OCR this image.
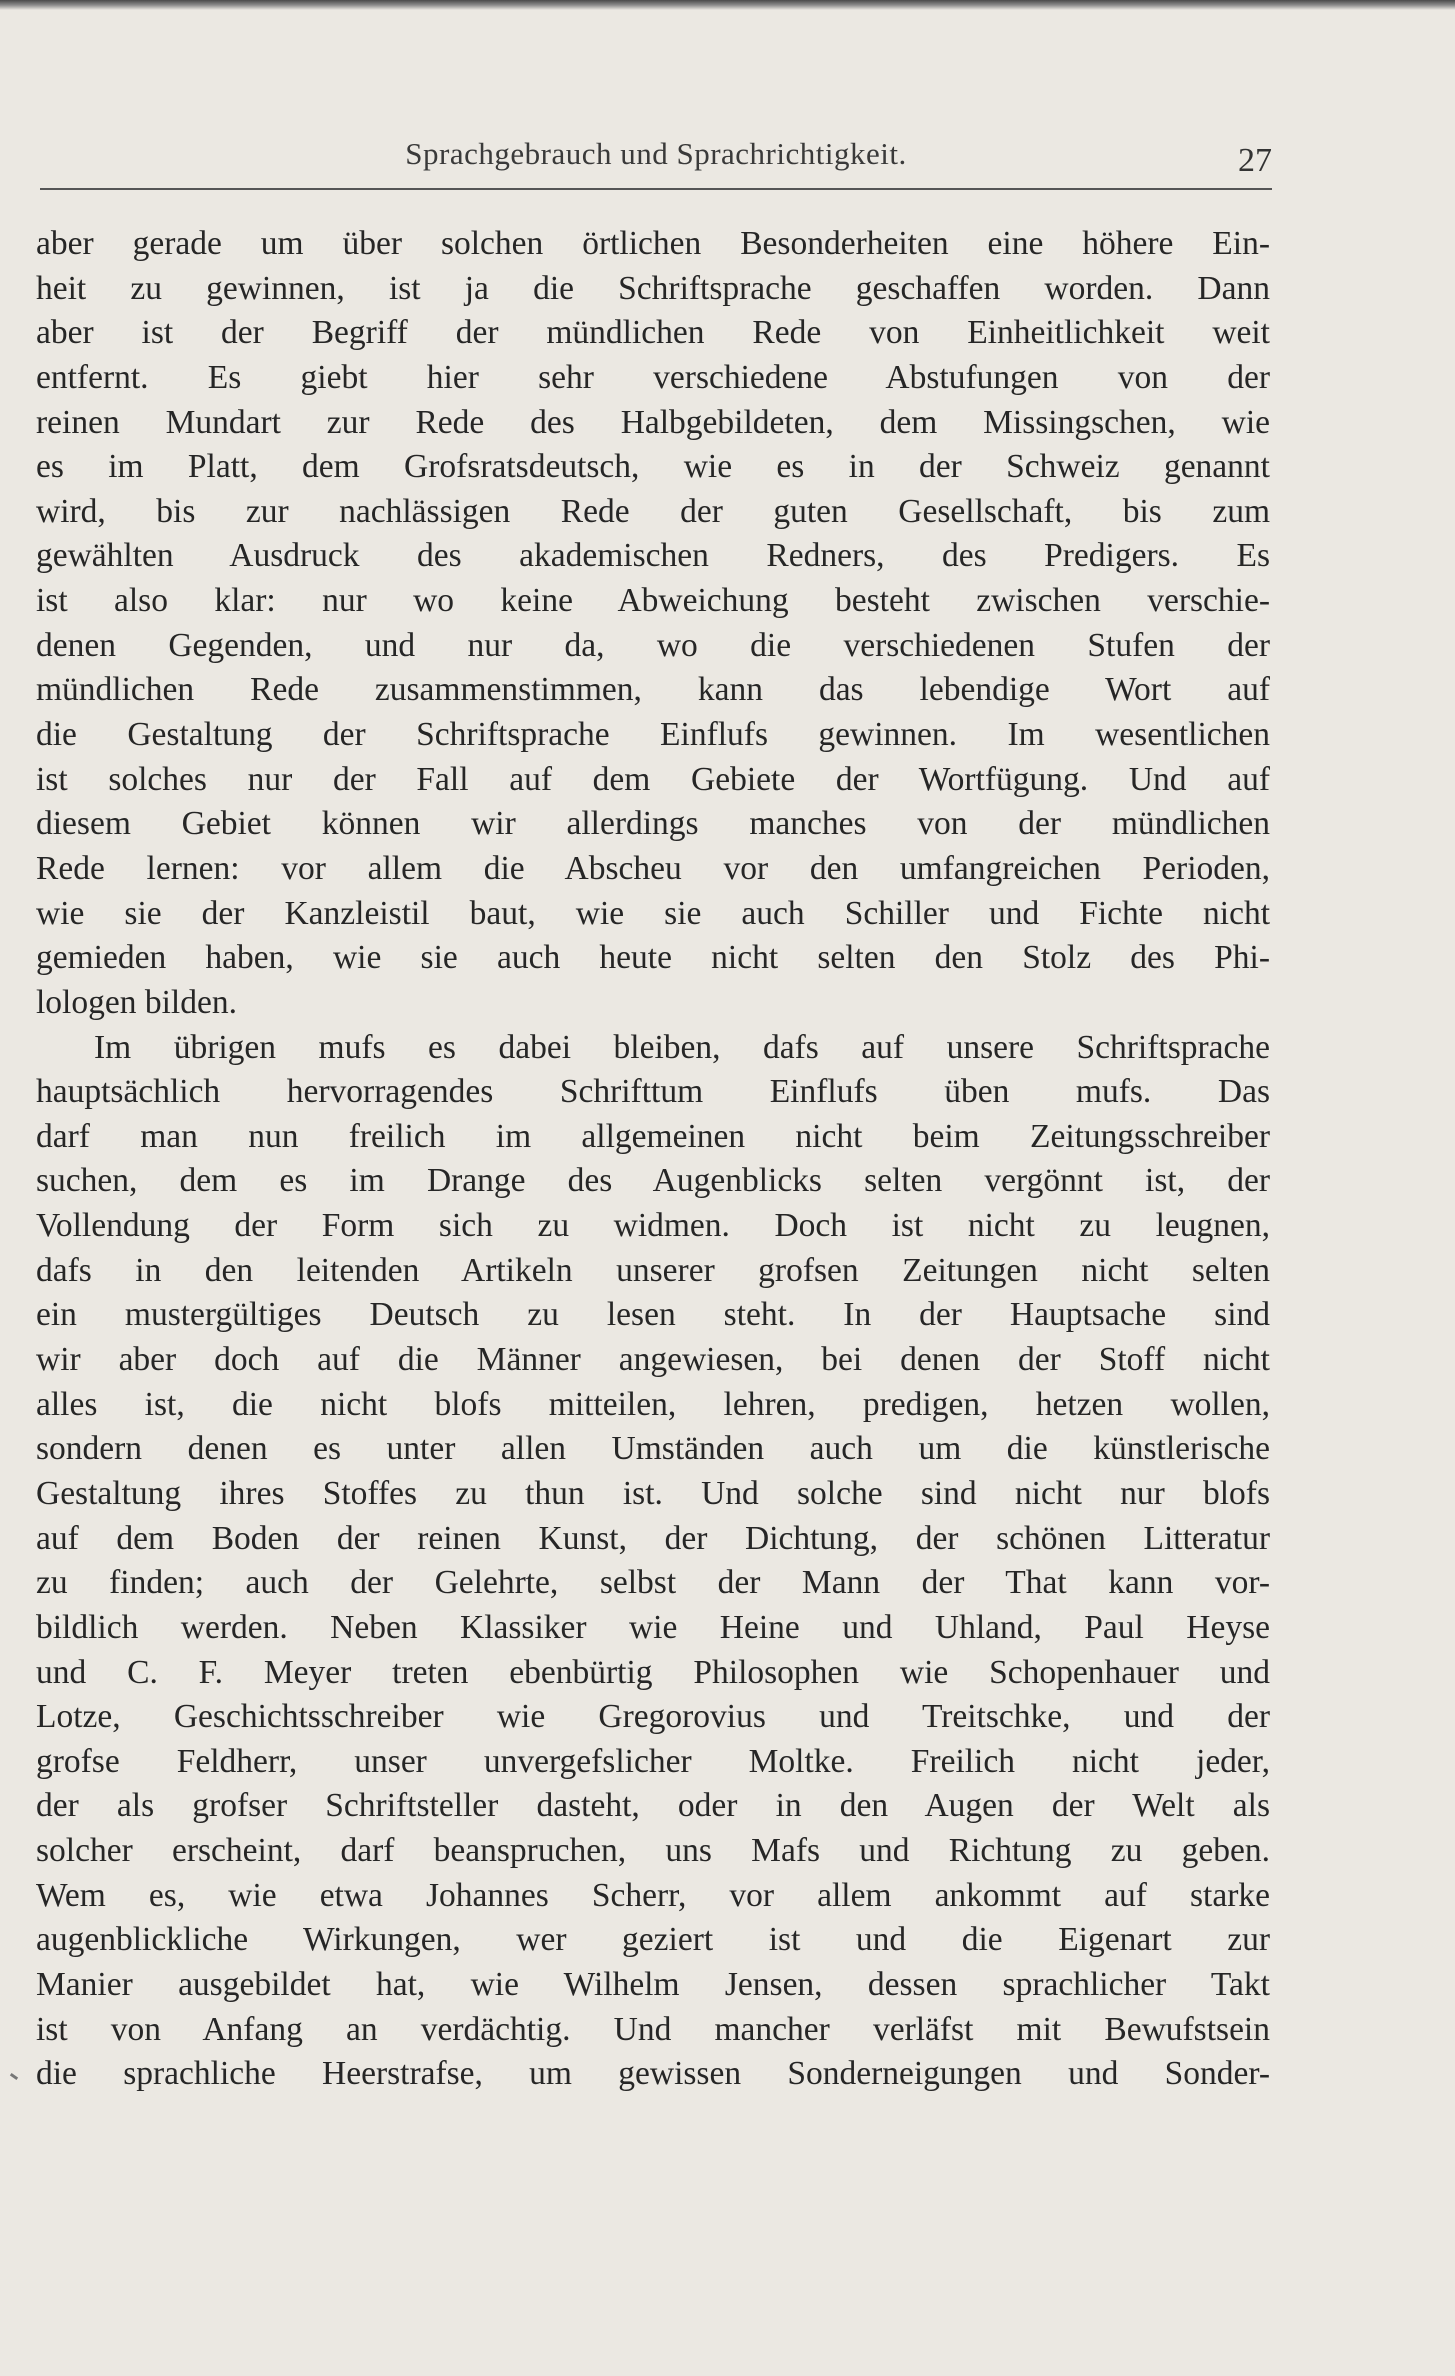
Sprachgebrauch und Sprachrichtigkeit.	27
aber gerade um über solchen örtlichen Besonderheiten eine höhere Ein-
heit zu gewinnen, ist ja die Schriftsprache geschaffen worden. Dann
aber ist der Begriff der mündlichen Rede von Einheitlichkeit weit
entfernt. Es giebt hier sehr verschiedene Abstufungen von der
reinen Mundart zur Rede des Halbgebildeten, dem Missingschen, wie
es im Platt, dem Grofsratsdeutsch, wie es in der Schweiz genannt
wird, bis zur nachlässigen Rede der guten Gesellschaft, bis zum
gewählten Ausdruck des akademischen Redners, des Predigers. Es
ist also klar: nur wo keine Abweichung besteht zwischen verschie-
denen Gegenden, und nur da, wo die verschiedenen Stufen der
mündlichen Rede zusammenstimmen, kann das lebendige Wort auf
die Gestaltung der Schriftsprache Einflufs gewinnen. Im wesentlichen
ist solches nur der Fall auf dem Gebiete der Wortfügung. Und auf
diesem Gebiet können wir allerdings manches von der mündlichen
Rede lernen: vor allem die Abscheu vor den umfangreichen Perioden,
wie sie der Kanzleistil baut, wie sie auch Schiller und Fichte nicht
gemieden haben, wie sie auch heute nicht selten den Stolz des Phi-
lologen bilden.
Im übrigen mufs es dabei bleiben, dafs auf unsere Schriftsprache
hauptsächlich hervorragendes Schrifttum Einflufs üben mufs. Das
darf man nun freilich im allgemeinen nicht beim Zeitungsschreiber
suchen, dem es im Drange des Augenblicks selten vergönnt ist, der
Vollendung der Form sich zu widmen. Doch ist nicht zu leugnen,
dafs in den leitenden Artikeln unserer grofsen Zeitungen nicht selten
ein mustergültiges Deutsch zu lesen steht. In der Hauptsache sind
wir aber doch auf die Männer angewiesen, bei denen der Stoff nicht
alles ist, die nicht blofs mitteilen, lehren, predigen, hetzen wollen,
sondern denen es unter allen Umständen auch um die künstlerische
Gestaltung ihres Stoffes zu thun ist. Und solche sind nicht nur blofs
auf dem Boden der reinen Kunst, der Dichtung, der schönen Litteratur
zu finden; auch der Gelehrte, selbst der Mann der That kann vor-
bildlich werden. Neben Klassiker wie Heine und Uhland, Paul Heyse
und C. F. Meyer treten ebenbürtig Philosophen wie Schopenhauer und
Lotze, Geschichtsschreiber wie Gregorovius und Treitschke, und der
grofse Feldherr, unser unvergefslicher Moltke. Freilich nicht jeder,
der als grofser Schriftsteller dasteht, oder in den Augen der Welt als
solcher erscheint, darf beanspruchen, uns Mafs und Richtung zu geben.
Wem es, wie etwa Johannes Scherr, vor allem ankommt auf starke
augenblickliche Wirkungen, wer geziert ist und die Eigenart zur
Manier ausgebildet hat, wie Wilhelm Jensen, dessen sprachlicher Takt
ist von Anfang an verdächtig. Und mancher verläfst mit Bewufstsein
die sprachliche Heerstrafse, um gewissen Sonderneigungen und Sonder-
